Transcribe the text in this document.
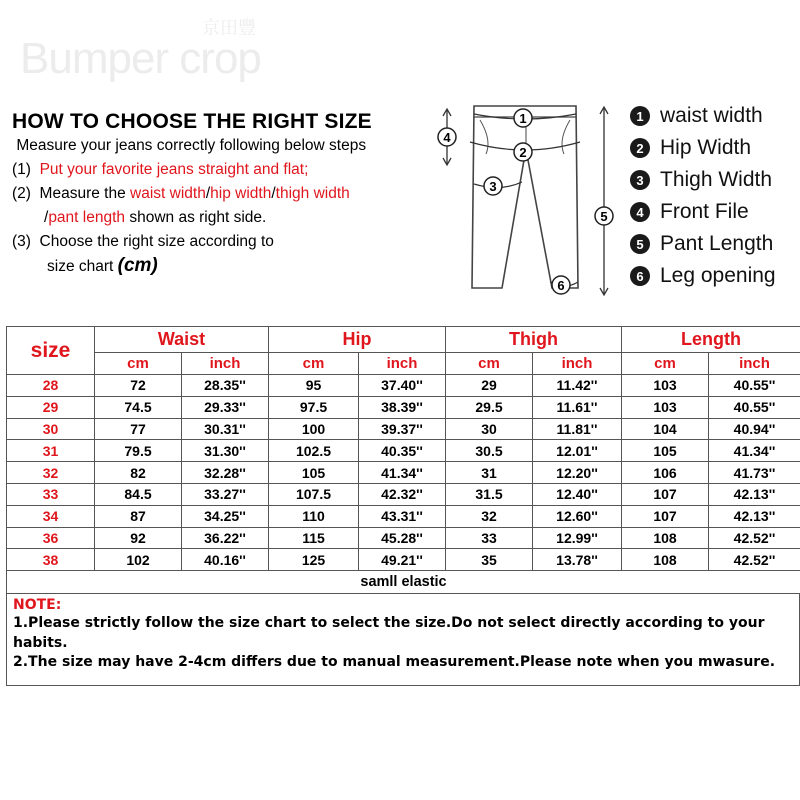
Bumper crop
京田豐
HOW TO CHOOSE THE RIGHT SIZE
Measure your jeans correctly following below steps
(1)  Put your favorite jeans straight and flat;
(2)  Measure the waist width/hip width/thigh width
/pant length shown as right side.
(3)  Choose the right size according to
size chart (cm)
1
2
3
4
5
6
1 waist width
2 Hip Width
3 Thigh Width
4 Front File
5 Pant Length
6 Leg opening
size	Waist		Hip		Thigh		Length	
	cm	inch	cm	inch	cm	inch	cm	inch
28	72	28.35''	95	37.40''	29	11.42''	103	40.55''
29	74.5	29.33''	97.5	38.39''	29.5	11.61''	103	40.55''
30	77	30.31''	100	39.37''	30	11.81''	104	40.94''
31	79.5	31.30''	102.5	40.35''	30.5	12.01''	105	41.34''
32	82	32.28''	105	41.34''	31	12.20''	106	41.73''
33	84.5	33.27''	107.5	42.32''	31.5	12.40''	107	42.13''
34	87	34.25''	110	43.31''	32	12.60''	107	42.13''
36	92	36.22''	115	45.28''	33	12.99''	108	42.52''
38	102	40.16''	125	49.21''	35	13.78''	108	42.52''
samll elastic								
NOTE:
1.Please strictly follow the size chart to select the size.Do not select directly according to your
habits.
2.The size may have 2-4cm differs due to manual measurement.Please note when you mwasure.
